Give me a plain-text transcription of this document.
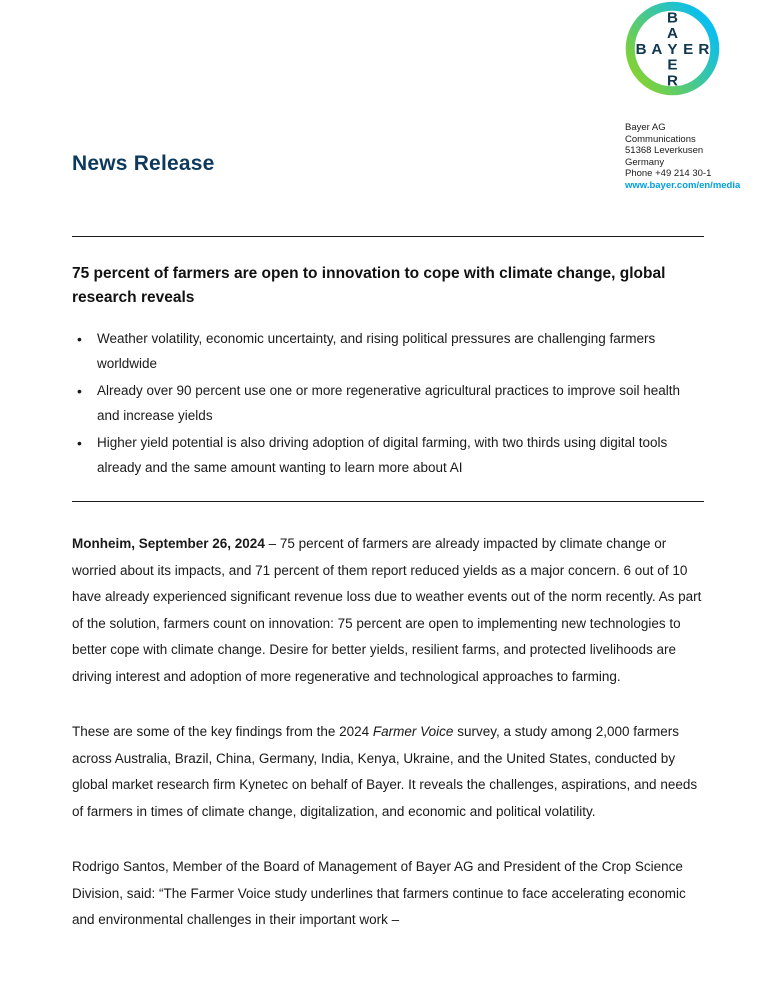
B A Y E R
B
A
E
R
Bayer AG
Communications
51368 Leverkusen
Germany
Phone +49 214 30-1
www.bayer.com/en/media
News Release
75 percent of farmers are open to innovation to cope with climate change, global research reveals
• Weather volatility, economic uncertainty, and rising political pressures are challenging farmers worldwide
• Already over 90 percent use one or more regenerative agricultural practices to improve soil health and increase yields
• Higher yield potential is also driving adoption of digital farming, with two thirds using digital tools already and the same amount wanting to learn more about AI

Monheim, September 26, 2024 – 75 percent of farmers are already impacted by climate change or worried about its impacts, and 71 percent of them report reduced yields as a major concern. 6 out of 10 have already experienced significant revenue loss due to weather events out of the norm recently. As part of the solution, farmers count on innovation: 75 percent are open to implementing new technologies to better cope with climate change. Desire for better yields, resilient farms, and protected livelihoods are driving interest and adoption of more regenerative and technological approaches to farming.

These are some of the key findings from the 2024 Farmer Voice survey, a study among 2,000 farmers across Australia, Brazil, China, Germany, India, Kenya, Ukraine, and the United States, conducted by global market research firm Kynetec on behalf of Bayer. It reveals the challenges, aspirations, and needs of farmers in times of climate change, digitalization, and economic and political volatility.

Rodrigo Santos, Member of the Board of Management of Bayer AG and President of the Crop Science Division, said: “The Farmer Voice study underlines that farmers continue to face accelerating economic and environmental challenges in their important work –
